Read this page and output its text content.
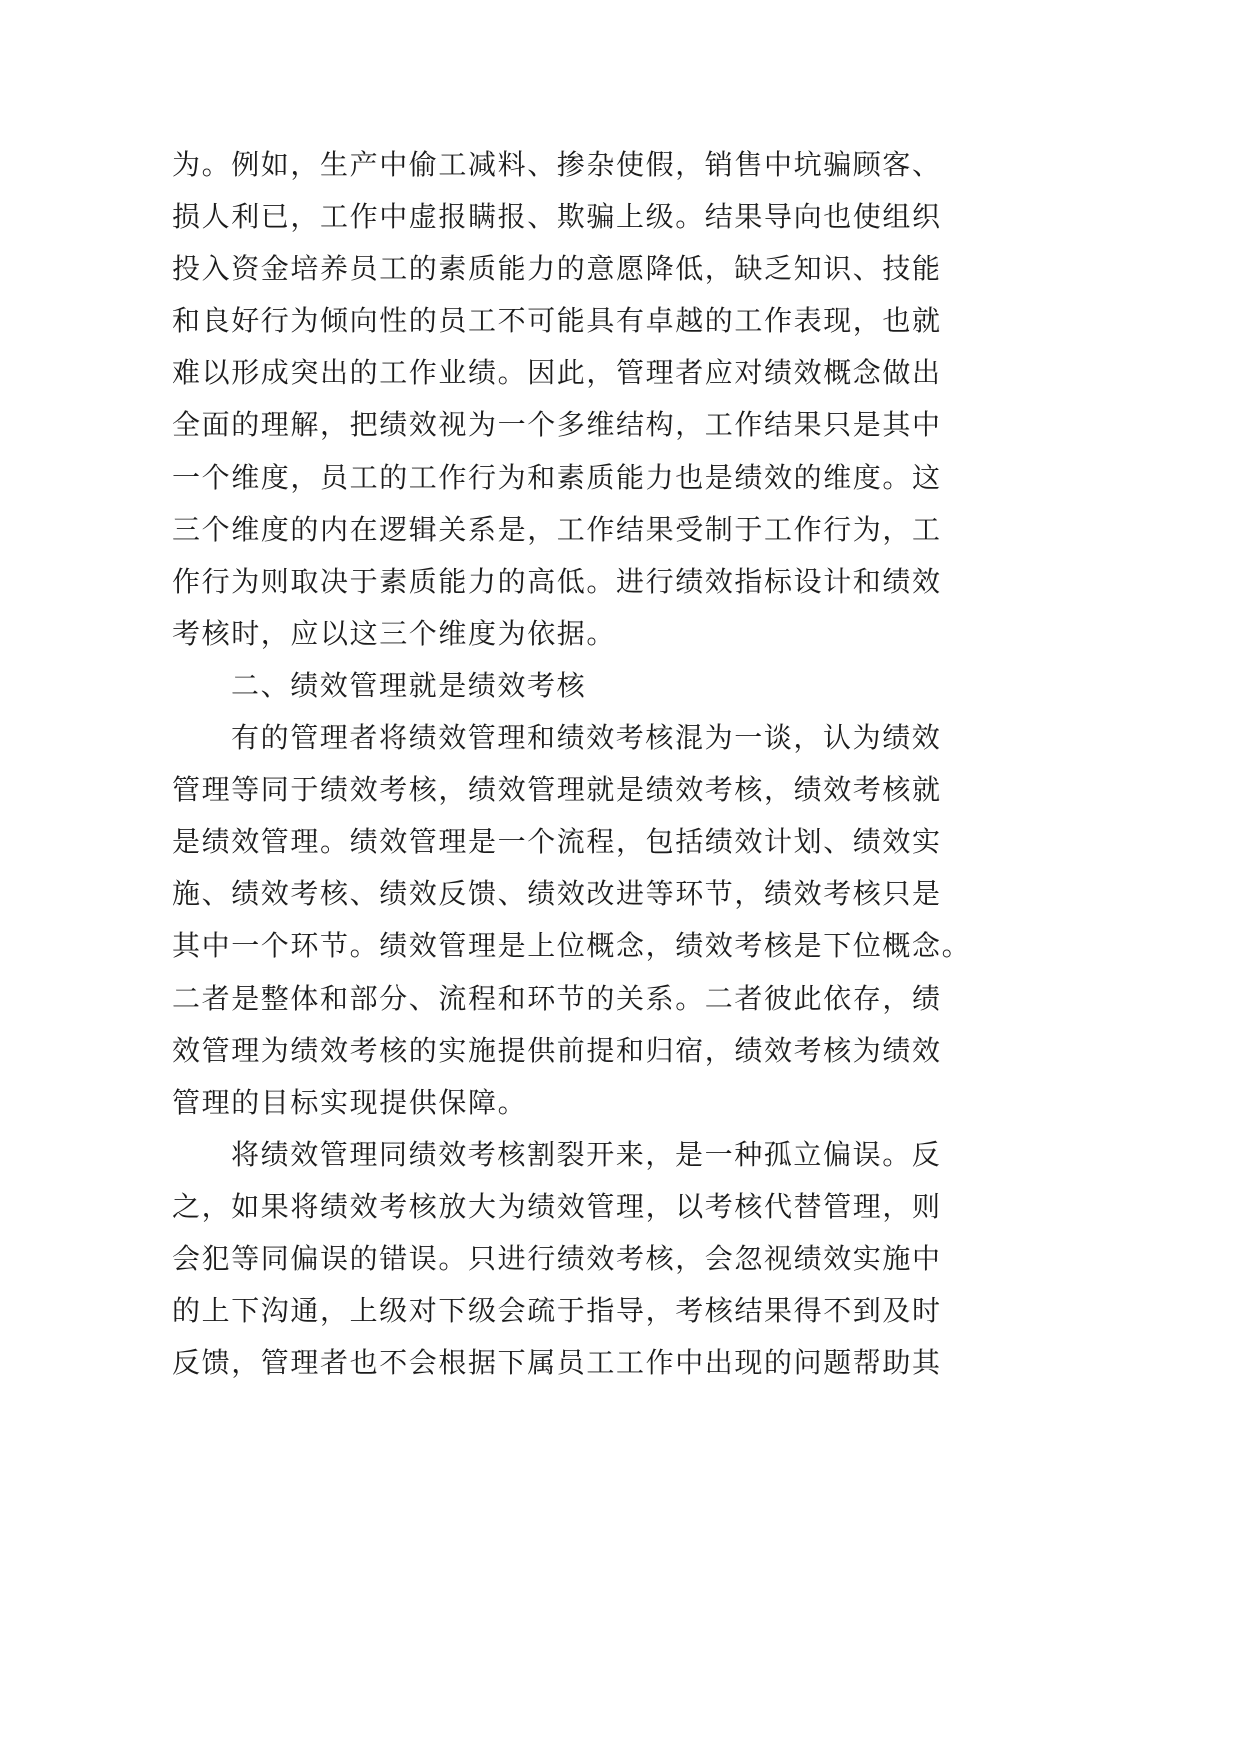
为。例如，生产中偷工减料、掺杂使假，销售中坑骗顾客、
损人利已，工作中虚报瞒报、欺骗上级。结果导向也使组织
投入资金培养员工的素质能力的意愿降低，缺乏知识、技能
和良好行为倾向性的员工不可能具有卓越的工作表现，也就
难以形成突出的工作业绩。因此，管理者应对绩效概念做出
全面的理解，把绩效视为一个多维结构，工作结果只是其中
一个维度，员工的工作行为和素质能力也是绩效的维度。这
三个维度的内在逻辑关系是，工作结果受制于工作行为，工
作行为则取决于素质能力的高低。进行绩效指标设计和绩效
考核时，应以这三个维度为依据。
二、绩效管理就是绩效考核
有的管理者将绩效管理和绩效考核混为一谈，认为绩效
管理等同于绩效考核，绩效管理就是绩效考核，绩效考核就
是绩效管理。绩效管理是一个流程，包括绩效计划、绩效实
施、绩效考核、绩效反馈、绩效改进等环节，绩效考核只是
其中一个环节。绩效管理是上位概念，绩效考核是下位概念。
二者是整体和部分、流程和环节的关系。二者彼此依存，绩
效管理为绩效考核的实施提供前提和归宿，绩效考核为绩效
管理的目标实现提供保障。
将绩效管理同绩效考核割裂开来，是一种孤立偏误。反
之，如果将绩效考核放大为绩效管理，以考核代替管理，则
会犯等同偏误的错误。只进行绩效考核，会忽视绩效实施中
的上下沟通，上级对下级会疏于指导，考核结果得不到及时
反馈，管理者也不会根据下属员工工作中出现的问题帮助其
